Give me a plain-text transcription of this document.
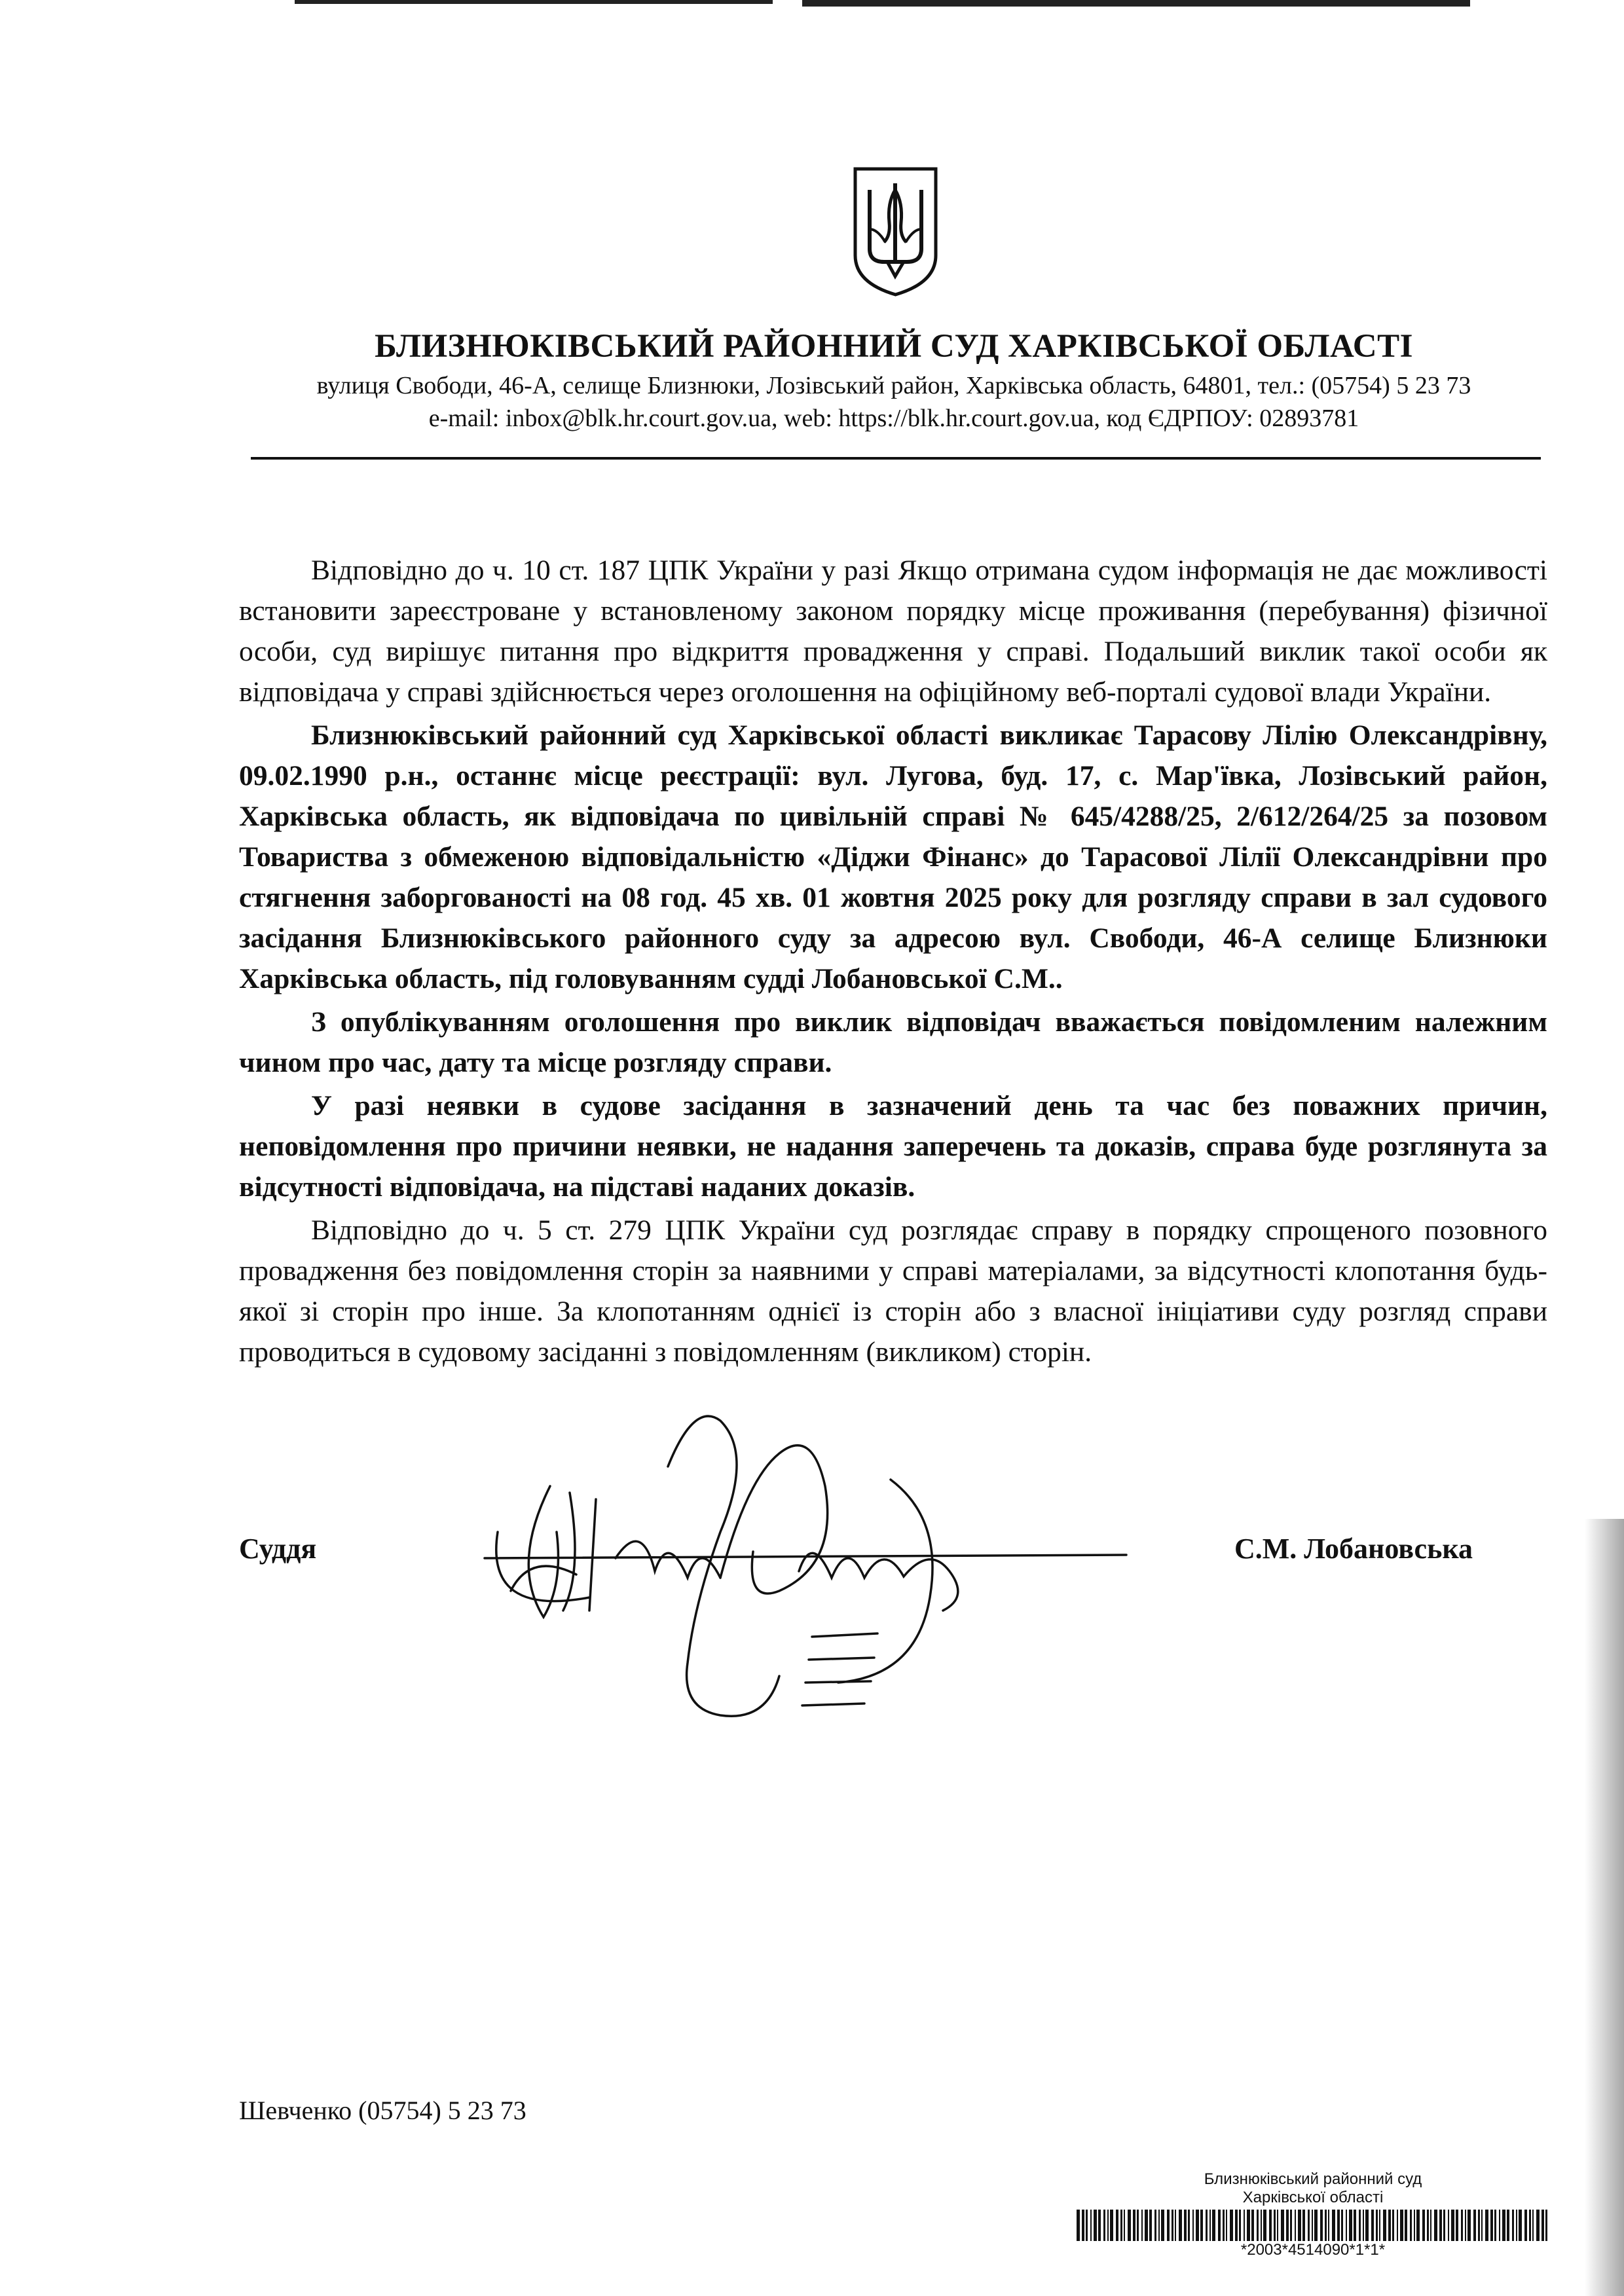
БЛИЗНЮКІВСЬКИЙ РАЙОННИЙ СУД ХАРКІВСЬКОЇ ОБЛАСТІ
вулиця Свободи, 46-А, селище Близнюки, Лозівський район, Харківська область, 64801, тел.: (05754) 5 23 73
e-mail: inbox@blk.hr.court.gov.ua, web: https://blk.hr.court.gov.ua, код ЄДРПОУ: 02893781

Відповідно до ч. 10 ст. 187 ЦПК України у разі Якщо отримана судом інформація не дає можливості встановити зареєстроване у встановленому законом порядку місце проживання (перебування) фізичної особи, суд вирішує питання про відкриття провадження у справі. Подальший виклик такої особи як відповідача у справі здійснюється через оголошення на офіційному веб-порталі судової влади України.

Близнюківський районний суд Харківської області викликає Тарасову Лілію Олександрівну, 09.02.1990 р.н., останнє місце реєстрації: вул. Лугова, буд. 17, с. Мар'ївка, Лозівський район, Харківська область, як відповідача по цивільній справі № 645/4288/25, 2/612/264/25 за позовом Товариства з обмеженою відповідальністю «Діджи Фінанс» до Тарасової Лілії Олександрівни про стягнення заборгованості на 08 год. 45 хв. 01 жовтня 2025 року для розгляду справи в зал судового засідання Близнюківського районного суду за адресою вул. Свободи, 46-А селище Близнюки Харківська область, під головуванням судді Лобановської С.М..

З опублікуванням оголошення про виклик відповідач вважається повідомленим належним чином про час, дату та місце розгляду справи.

У разі неявки в судове засідання в зазначений день та час без поважних причин, неповідомлення про причини неявки, не надання заперечень та доказів, справа буде розглянута за відсутності відповідача, на підставі наданих доказів.

Відповідно до ч. 5 ст. 279 ЦПК України суд розглядає справу в порядку спрощеного позовного провадження без повідомлення сторін за наявними у справі матеріалами, за відсутності клопотання будь-якої зі сторін про інше. За клопотанням однієї із сторін або з власної ініціативи суду розгляд справи проводиться в судовому засіданні з повідомленням (викликом) сторін.

Суддя	С.М. Лобановська
Шевченко (05754) 5 23 73
Близнюківський районний суд
Харківської області
*2003*4514090*1*1*
